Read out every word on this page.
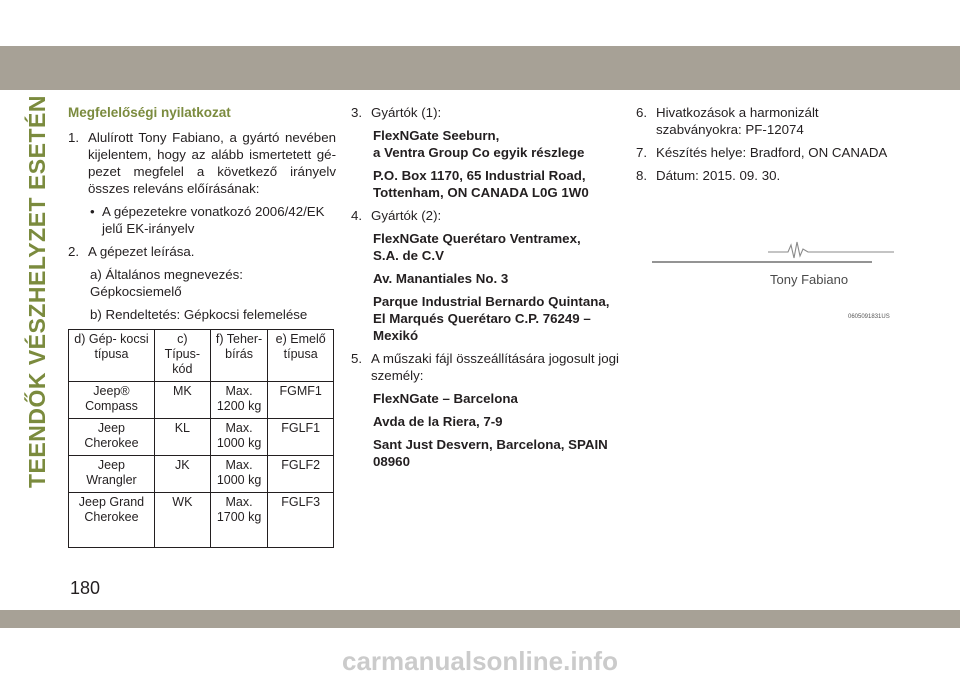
TEENDŐK VÉSZHELYZET ESETÉN Megfelelőségi nyilatkozat
1. Alulírott Tony Fabiano, a gyártó nevében kijelentem, hogy az alább ismertetett gépezet megfelel a következő irányelv összes releváns előírásának:
• A gépezetekre vonatkozó 2006/42/EK jelű EK-irányelv
2. A gépezet leírása.
a) Általános megnevezés:
Gépkocsiemelő
b) Rendeltetés: Gépkocsi felemelése
d) Gép- kocsi típusa	c) Típus- kód	f) Teher- bírás	e) Emelő típusa
Jeep® Compass	MK	Max. 1200 kg	FGMF1
Jeep Cherokee	KL	Max. 1000 kg	FGLF1
Jeep Wrangler	JK	Max. 1000 kg	FGLF2
Jeep Grand Cherokee	WK	Max. 1700 kg	FGLF3
3. Gyártók (1):
FlexNGate Seeburn,
a Ventra Group Co egyik részlege
P.O. Box 1170, 65 Industrial Road,
Tottenham, ON CANADA L0G 1W0
4. Gyártók (2):
FlexNGate Querétaro Ventramex,
S.A. de C.V
Av. Manantiales No. 3
Parque Industrial Bernardo Quintana, El Marqués Querétaro C.P. 76249 – Mexikó
5. A műszaki fájl összeállítására jogosult jogi személy:
FlexNGate – Barcelona
Avda de la Riera, 7-9
Sant Just Desvern, Barcelona, SPAIN 08960
6. Hivatkozások a harmonizált szabványokra: PF-12074
7. Készítés helye: Bradford, ON CANADA
8. Dátum: 2015. 09. 30.
Tony Fabiano
0605091831US
180
carmanualsonline.info
